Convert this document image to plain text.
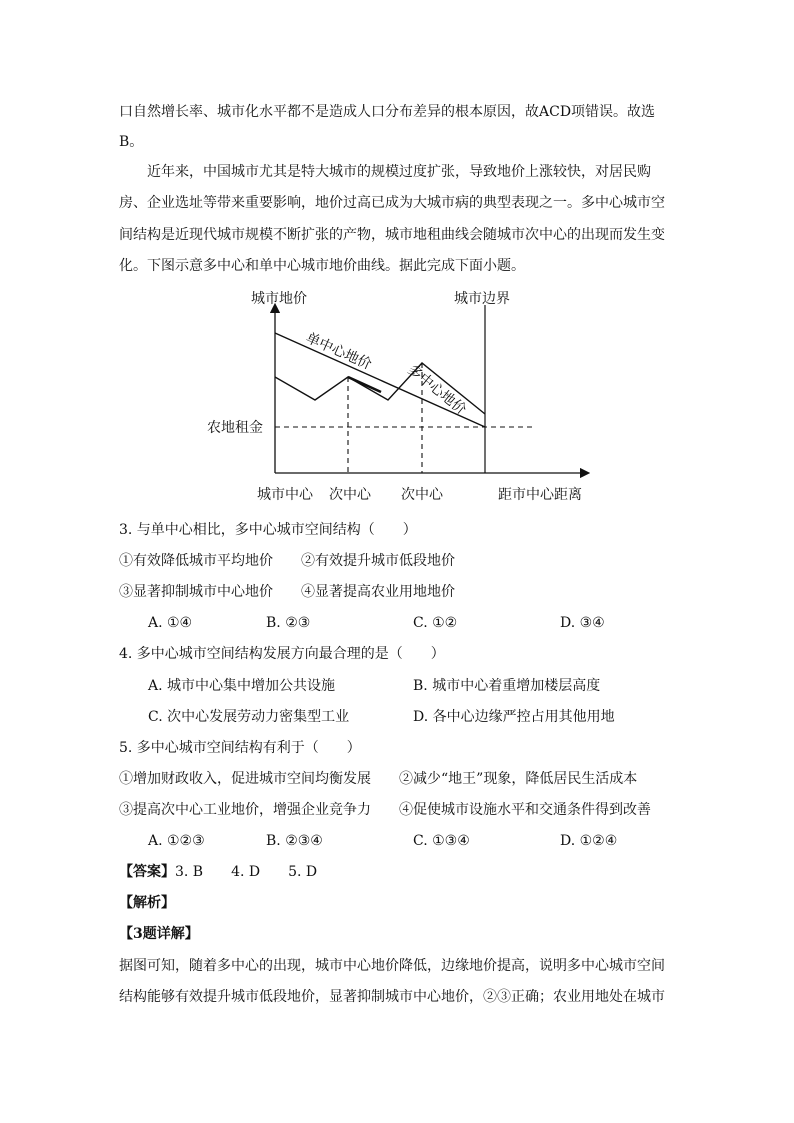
口自然增长率、城市化水平都不是造成人口分布差异的根本原因，故ACD项错误。故选
B。
近年来，中国城市尤其是特大城市的规模过度扩张，导致地价上涨较快，对居民购
房、企业选址等带来重要影响，地价过高已成为大城市病的典型表现之一。多中心城市空
间结构是近现代城市规模不断扩张的产物，城市地租曲线会随城市次中心的出现而发生变
化。下图示意多中心和单中心城市地价曲线。据此完成下面小题。
城市地价	城市边界
单中心地价
多中心地价
农地租金
城市中心 次中心 次中心	距市中心距离
3. 与单中心相比，多中心城市空间结构（　　）
①有效降低城市平均地价　　②有效提升城市低段地价
③显著抑制城市中心地价　　④显著提高农业用地地价
A. ①④	B. ②③	C. ①②	D. ③④
4. 多中心城市空间结构发展方向最合理的是（　　）
A. 城市中心集中增加公共设施	B. 城市中心着重增加楼层高度
C. 次中心发展劳动力密集型工业	D. 各中心边缘严控占用其他用地
5. 多中心城市空间结构有利于（　　）
①增加财政收入，促进城市空间均衡发展　　②减少“地王”现象，降低居民生活成本
③提高次中心工业地价，增强企业竞争力　　④促使城市设施水平和交通条件得到改善
A. ①②③	B. ②③④	C. ①③④	D. ①②④
【答案】3. B　　4. D　　5. D
【解析】
【3题详解】
据图可知，随着多中心的出现，城市中心地价降低，边缘地价提高，说明多中心城市空间
结构能够有效提升城市低段地价，显著抑制城市中心地价，②③正确；农业用地处在城市
